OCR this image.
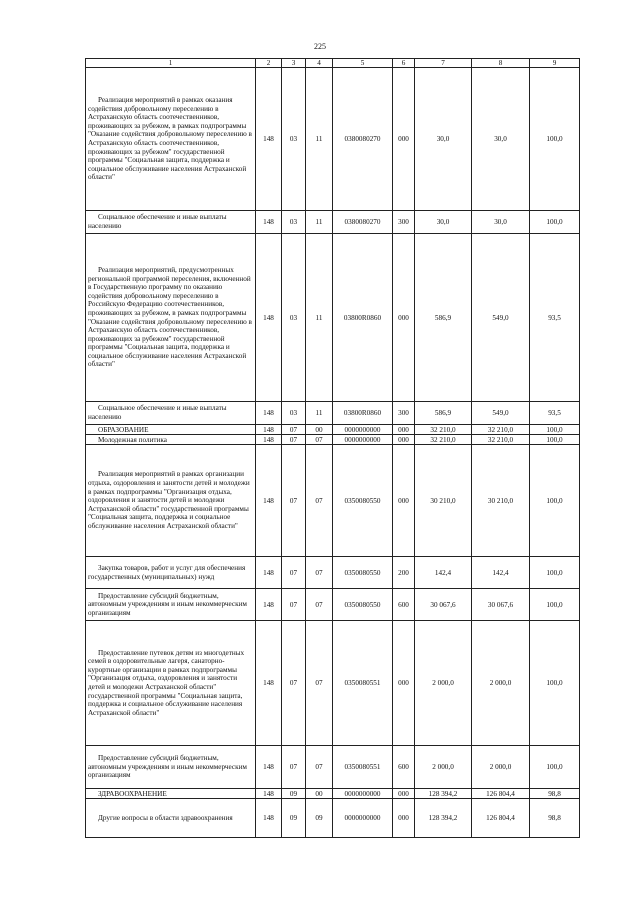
225
1	2	3	4	5	6	7	8	9
Реализация мероприятий в рамках оказания содействия добровольному переселению в Астраханскую область соотечественников, проживающих за рубежом, в рамках подпрограммы "Оказание содействия добровольному переселению в Астраханскую область соотечественников, проживающих за рубежом" государственной программы "Социальная защита, поддержка и социальное обслуживание населения Астраханской области"	148	03	11	0380080270	000	30,0	30,0	100,0
Социальное обеспечение и иные выплаты населению	148	03	11	0380080270	300	30,0	30,0	100,0
Реализация мероприятий, предусмотренных региональной программой переселения, включенной в Государственную программу по оказанию содействия добровольному переселению в Российскую Федерацию соотечественников, проживающих за рубежом, в рамках подпрограммы "Оказание содействия добровольному переселению в Астраханскую область соотечественников, проживающих за рубежом" государственной программы "Социальная защита, поддержка и социальное обслуживание населения Астраханской области"	148	03	11	03800R0860	000	586,9	549,0	93,5
Социальное обеспечение и иные выплаты населению	148	03	11	03800R0860	300	586,9	549,0	93,5
ОБРАЗОВАНИЕ	148	07	00	0000000000	000	32 210,0	32 210,0	100,0
Молодежная политика	148	07	07	0000000000	000	32 210,0	32 210,0	100,0
Реализация мероприятий в рамках организации отдыха, оздоровления и занятости детей и молодежи в рамках подпрограммы "Организация отдыха, оздоровления и занятости детей и молодежи Астраханской области" государственной программы "Социальная защита, поддержка и социальное обслуживание населения Астраханской области"	148	07	07	0350080550	000	30 210,0	30 210,0	100,0
Закупка товаров, работ и услуг для обеспечения государственных (муниципальных) нужд	148	07	07	0350080550	200	142,4	142,4	100,0
Предоставление субсидий бюджетным, автономным учреждениям и иным некоммерческим организациям	148	07	07	0350080550	600	30 067,6	30 067,6	100,0
Предоставление путевок детям из многодетных семей в оздоровительные лагеря, санаторно-курортные организации в рамках подпрограммы "Организация отдыха, оздоровления и занятости детей и молодежи Астраханской области" государственной программы "Социальная защита, поддержка и социальное обслуживание населения Астраханской области"	148	07	07	0350080551	000	2 000,0	2 000,0	100,0
Предоставление субсидий бюджетным, автономным учреждениям и иным некоммерческим организациям	148	07	07	0350080551	600	2 000,0	2 000,0	100,0
ЗДРАВООХРАНЕНИЕ	148	09	00	0000000000	000	128 394,2	126 804,4	98,8
Другие вопросы в области здравоохранения	148	09	09	0000000000	000	128 394,2	126 804,4	98,8
